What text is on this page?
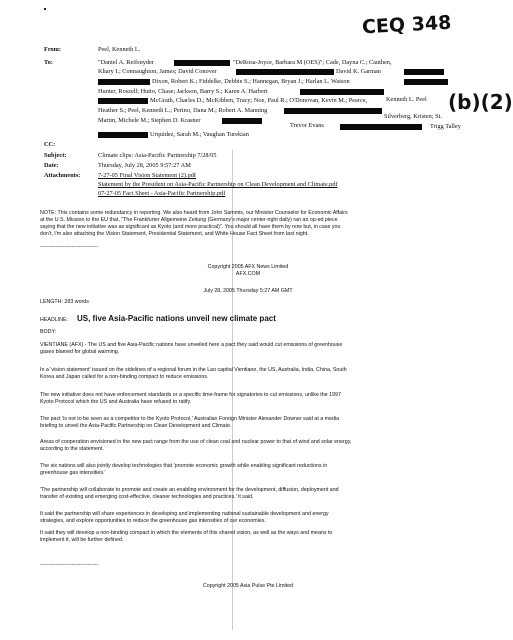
CEQ 348
(b)(2)
From:	Peel, Kenneth L.
To:	"Daniel A. Reifsnyder	"DeRosa-Joyce, Barbara M (OES)"; Cade, Dayna C.; Cauthen,
Khary I.; Connaughton, James; David Conover	David K. Garman
Dixon, Robert K.; Fiddelke, Debbie S.; Hannegan, Bryan J.; Harlan L. Watson
Hunter, Roszell; Hutto, Chase; Jackson, Barry S.; Karen A. Harbert
Kenneth L. Peel
McGrath, Charles D.; McKibben, Tracy; Noe, Paul R.; O'Donovan, Kevin M.; Pearce,
Heather S.; Peel, Kenneth L.; Perino, Dana M.; Robert A. Manning
Silverberg, Kristen; St.
Martin, Michele M.; Stephen D. Krasner
Trevor Evans	Trigg Talley
Urquidez, Sarah M.; Vaughan Turekian
CC:
Subject:	Climate clips: Asia-Pacific Partnership 7/28/05
Date:	Thursday, July 28, 2005 9:57:27 AM
Attachments:	7-27-05 Final Vision Statement (2).pdf
Statement by the President on Asia-Pacific Partnership on Clean Development and Climate.pdf
07-27-05 Fact Sheet - Asia-Pacific Partnership.pdf
NOTE: This contains some redundancy in reporting. We also heard from John Sammis, our Minister Counselor for Economic Affairs
at the U.S. Mission to the EU that, "The Frankfurter Allgemeine Zeitung (Germany's major center-right daily) ran an op-ed piece
saying that the new initiative was as significant as Kyoto (and more practical)". You should all have them by now but, in case you
don't, I'm also attaching the Vision Statement, Presidential Statement, and White House Fact Sheet from last night.
---------------------------------
Copyright 2005 AFX News Limited
AFX.COM
July 28, 2005 Thursday 5:27 AM GMT
LENGTH: 283 words
HEADLINE: US, five Asia-Pacific nations unveil new climate pact
BODY:
VIENTIANE (AFX) - The US and five Asia-Pacific nations have unveiled here a pact they said would cut emissions of greenhouse
gases blamed for global warming.
In a 'vision statement' issued on the sidelines of a regional forum in the Lao capital Vientiane, the US, Australia, India, China, South
Korea and Japan called for a non-binding compact to reduce emissions.
The new initiative does not have enforcement standards or a specific time-frame for signatories to cut emissions, unlike the 1997
Kyoto Protocol which the US and Australia have refused to ratify.
The pact 'is not to be seen as a competitor to the Kyoto Protocol,' Australian Foreign Minister Alexander Downer said at a media
briefing to unveil the Asia-Pacific Partnership on Clean Development and Climate.
Areas of cooperation envisioned in the new pact range from the use of clean coal and nuclear power to that of wind and solar energy,
according to the statement.
The six nations will also jointly develop technologies that 'promote economic growth while enabling significant reductions in
greenhouse gas intensities.'
'The partnership will collaborate to promote and create an enabling environment for the development, diffusion, deployment and
transfer of existing and emerging cost-effective, cleaner technologies and practices,' it said.
It said the partnership will share experiences in developing and implementing national sustainable development and energy
strategies, and explore opportunities to reduce the greenhouse gas intensities of our economies.
It said they will develop a non-binding compact in which the elements of this shared vision, as well as the ways and means to
implement it, will be further defined.
---------------------------------
Copyright 2005 Asia Pulse Pte Limited
